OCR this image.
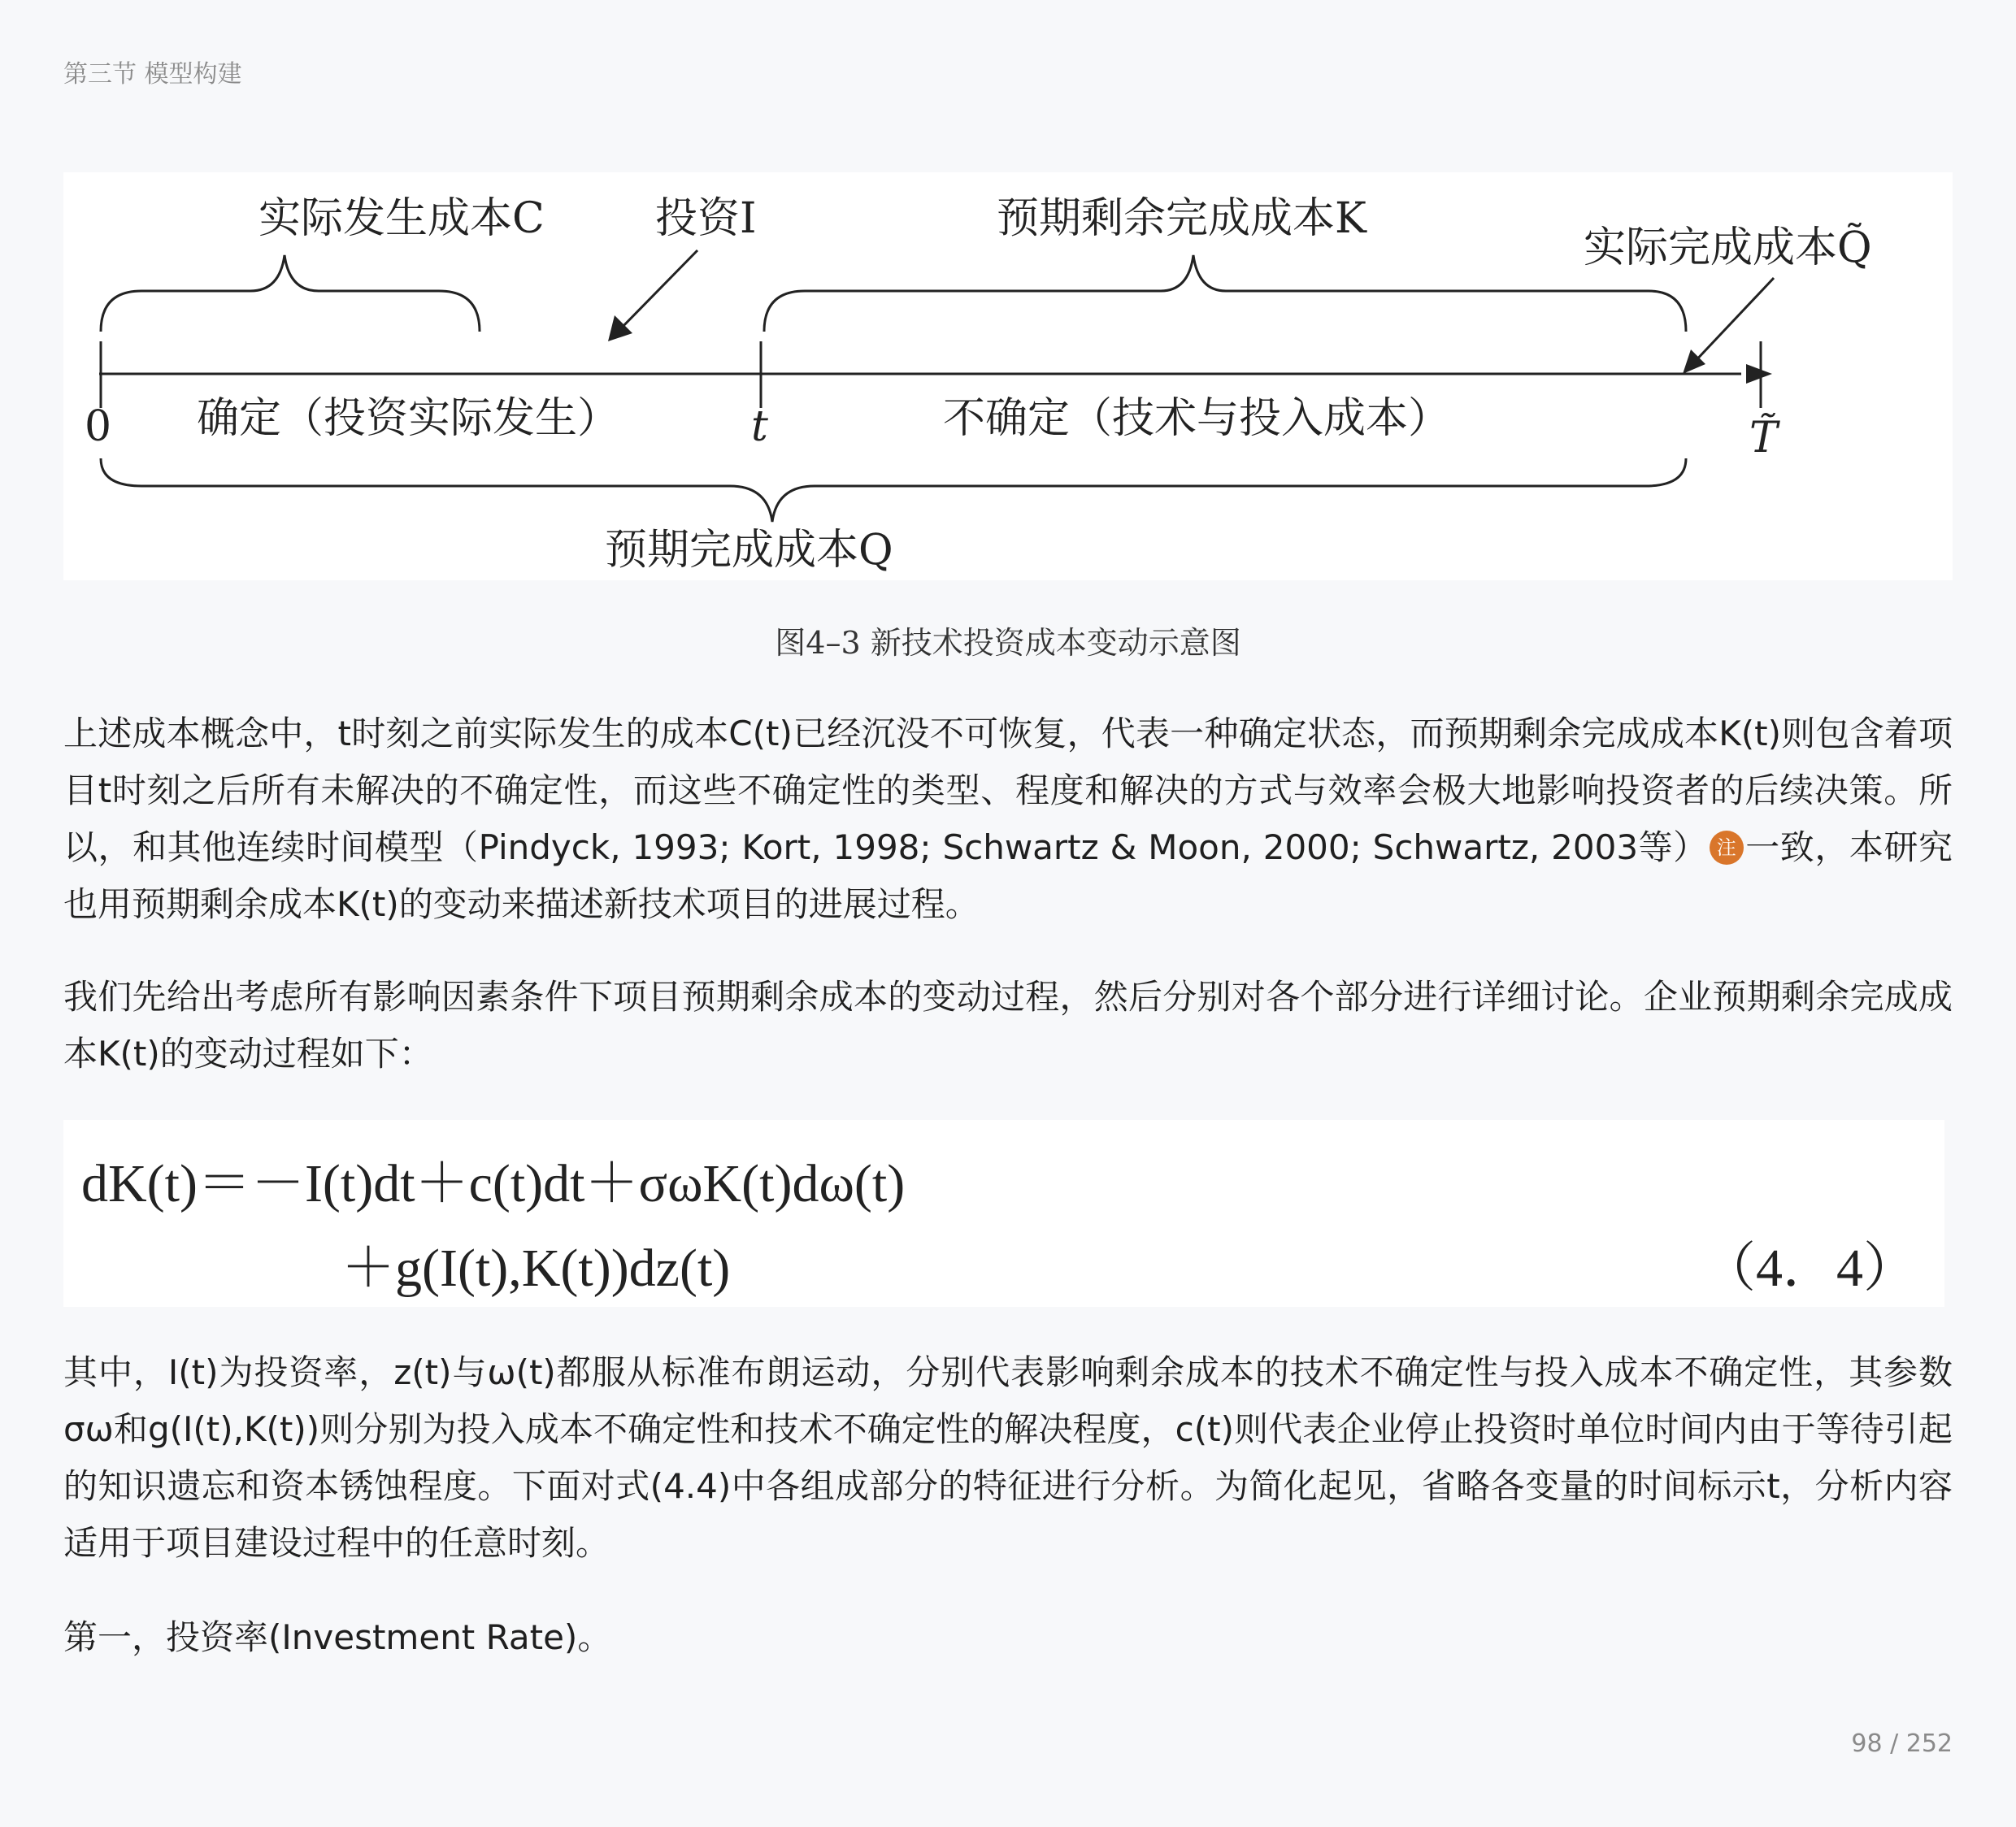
第三节 模型构建
实际发生成本C	投资I	预期剩余完成成本K
实际完成成本Q̃
0 确定（投资实际发生）	t	不确定（技术与投入成本）	T̃
预期完成成本Q
图4–3 新技术投资成本变动示意图

上述成本概念中，t时刻之前实际发生的成本C(t)已经沉没不可恢复，代表一种确定状态，而预期剩余完成成本K(t)则包含着项目t时刻之后所有未解决的不确定性，而这些不确定性的类型、程度和解决的方式与效率会极大地影响投资者的后续决策。所以，和其他连续时间模型（Pindyck, 1993; Kort, 1998; Schwartz & Moon, 2000; Schwartz, 2003等） 注 一致，本研究也用预期剩余成本K(t)的变动来描述新技术项目的进展过程。

我们先给出考虑所有影响因素条件下项目预期剩余成本的变动过程，然后分别对各个部分进行详细讨论。企业预期剩余完成成本K(t)的变动过程如下：

dK(t)＝－I(t)dt＋c(t)dt＋σωK(t)dω(t)
＋g(I(t),K(t))dz(t)	（4．4）

其中，I(t)为投资率，z(t)与ω(t)都服从标准布朗运动，分别代表影响剩余成本的技术不确定性与投入成本不确定性，其参数σω和g(I(t),K(t))则分别为投入成本不确定性和技术不确定性的解决程度，c(t)则代表企业停止投资时单位时间内由于等待引起的知识遗忘和资本锈蚀程度。下面对式(4.4)中各组成部分的特征进行分析。为简化起见，省略各变量的时间标示t，分析内容适用于项目建设过程中的任意时刻。

第一，投资率(Investment Rate)。

98 / 252
